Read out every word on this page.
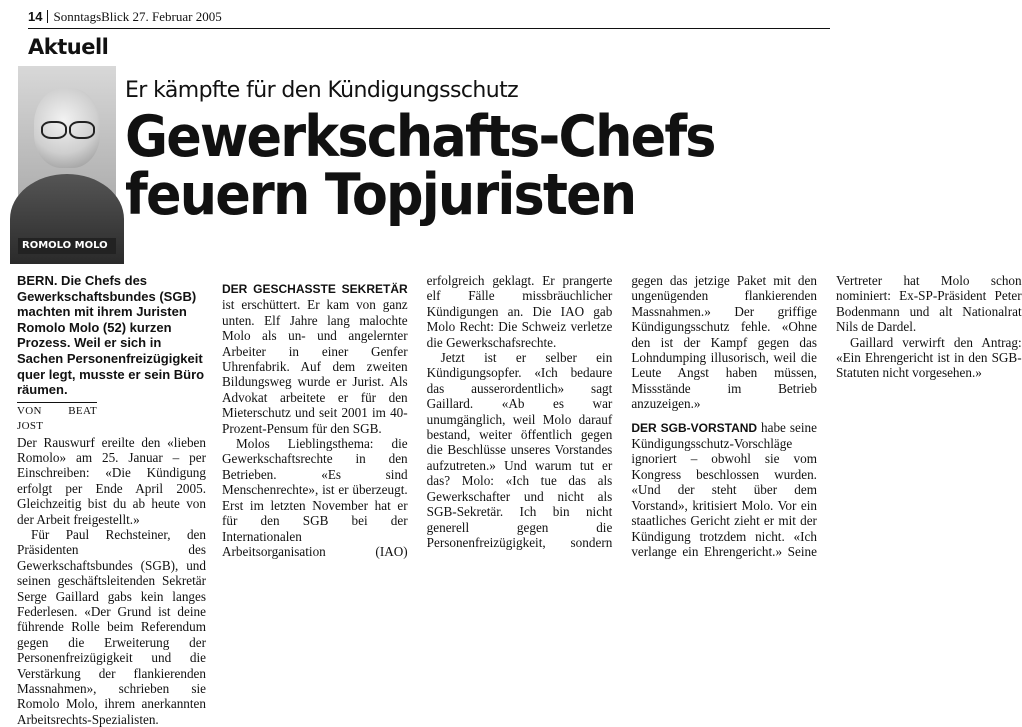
14 SonntagsBlick 27. Februar 2005
Aktuell
ROMOLO MOLO
Er kämpfte für den Kündigungsschutz
Gewerkschafts-Chefs
feuern Topjuristen

BERN. Die Chefs des Gewerkschaftsbundes (SGB) machten mit ihrem Juristen Romolo Molo (52) kurzen Prozess. Weil er sich in Sachen Personenfreizügigkeit quer legt, musste er sein Büro räumen.

VON BEAT JOST

Der Rauswurf ereilte den «lieben Romolo» am 25. Januar – per Einschreiben: «Die Kündigung erfolgt per Ende April 2005. Gleichzeitig bist du ab heute von der Arbeit freigestellt.»

Für Paul Rechsteiner, den Präsidenten des Gewerkschaftsbundes (SGB), und seinen geschäftsleitenden Sekretär Serge Gaillard gabs kein langes Federlesen. «Der Grund ist deine führende Rolle beim Referendum gegen die Erweiterung der Personenfreizügigkeit und die Verstärkung der flankierenden Massnahmen», schrieben sie Romolo Molo, ihrem anerkannten Arbeitsrechts-Spezialisten.

DER GESCHASSTE SEKRETÄR ist erschüttert. Er kam von ganz unten. Elf Jahre lang malochte Molo als un- und angelernter Arbeiter in einer Genfer Uhrenfabrik. Auf dem zweiten Bildungsweg wurde er Jurist. Als Advokat arbeitete er für den Mieterschutz und seit 2001 im 40-Prozent-Pensum für den SGB.

Molos Lieblingsthema: die Gewerkschaftsrechte in den Betrieben. «Es sind Menschenrechte», ist er überzeugt. Erst im letzten November hat er für den SGB bei der Internationalen Arbeitsorganisation (IAO) erfolgreich geklagt. Er prangerte elf Fälle missbräuchlicher Kündigungen an. Die IAO gab Molo Recht: Die Schweiz verletze die Gewerkschafsrechte.

Jetzt ist er selber ein Kündigungsopfer. «Ich bedaure das ausserordentlich» sagt Gaillard. «Ab es war unumgänglich, weil Molo darauf bestand, weiter öffentlich gegen die Beschlüsse unseres Vorstandes aufzutreten.» Und warum tut er das? Molo: «Ich tue das als Gewerkschafter und nicht als SGB-Sekretär. Ich bin nicht generell gegen die Personenfreizügigkeit, sondern gegen das jetzige Paket mit den ungenügenden flankierenden Massnahmen.» Der griffige Kündigungsschutz fehle. «Ohne den ist der Kampf gegen das Lohndumping illusorisch, weil die Leute Angst haben müssen, Missstände im Betrieb anzuzeigen.»

DER SGB-VORSTAND habe seine Kündigungsschutz-Vorschläge ignoriert – obwohl sie vom Kongress beschlossen wurden. «Und der steht über dem Vorstand», kritisiert Molo. Vor ein staatliches Gericht zieht er mit der Kündigung trotzdem nicht. «Ich verlange ein Ehrengericht.» Seine Vertreter hat Molo schon nominiert: Ex-SP-Präsident Peter Bodenmann und alt Nationalrat Nils de Dardel.

Gaillard verwirft den Antrag: «Ein Ehrengericht ist in den SGB-Statuten nicht vorgesehen.»
